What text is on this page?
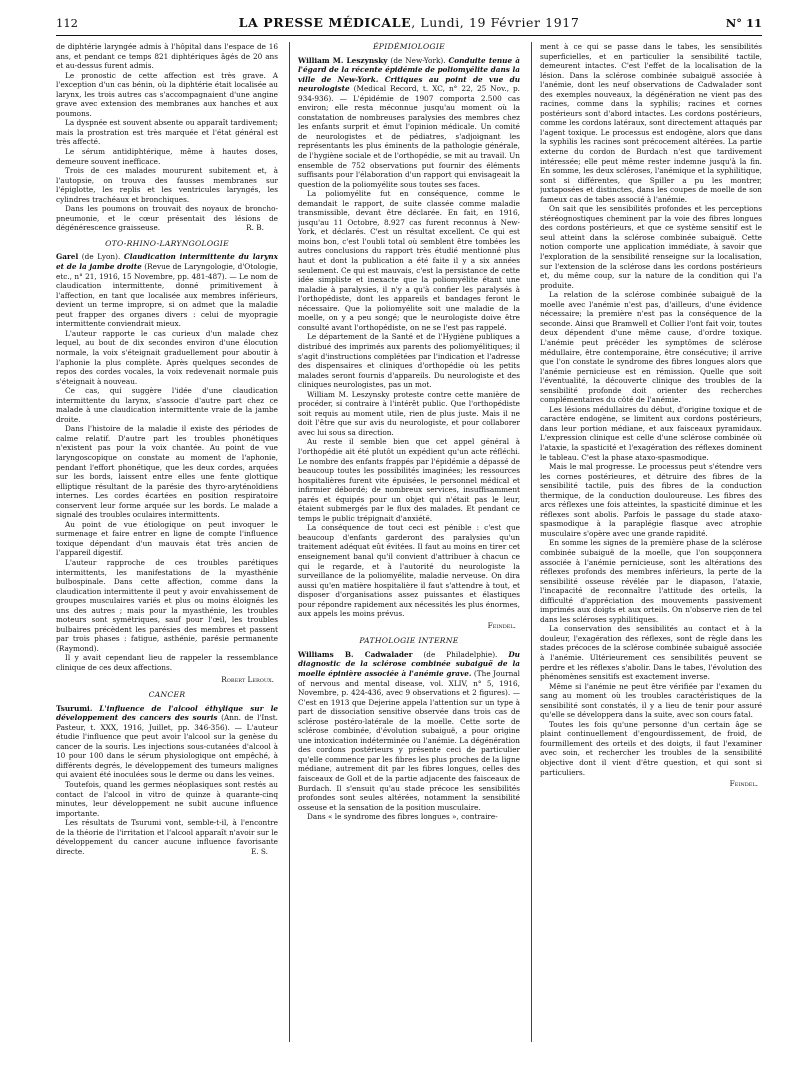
112	LA PRESSE MÉDICALE, Lundi, 19 Février 1917	N° 11

de diphtérie laryngée admis à l'hôpital dans l'espace de 16 ans, et pendant ce temps 821 diphtériques âgés de 20 ans et au-dessus furent admis.

Le pronostic de cette affection est très grave. A l'exception d'un cas bénin, où la diphtérie était localisée au larynx, les trois autres cas s'accompagnaient d'une angine grave avec extension des membranes aux hanches et aux poumons.

La dyspnée est souvent absente ou apparaît tardivement; mais la prostration est très marquée et l'état général est très affecté.

Le sérum antidiphtérique, même à hautes doses, demeure souvent inefficace.

Trois de ces malades moururent subitement et, à l'autopsie, on trouva des fausses membranes sur l'épiglotte, les replis et les ventricules laryngés, les cylindres trachéaux et bronchiques.

Dans les poumons on trouvait des noyaux de broncho-pneumonie, et le cœur présentait des lésions de dégénérescence graisseuse.	R. B.

OTO-RHINO-LARYNGOLOGIE

Garel (de Lyon). Claudication intermittente du larynx et de la jambe droite (Revue de Laryngologie, d'Otologie, etc., n° 21, 1916, 15 Novembre, pp. 481-487). — Le nom de claudication intermittente, donné primitivement à l'affection, en tant que localisée aux membres inférieurs, devient un terme impropre, si on admet que la maladie peut frapper des organes divers : celui de myopragie intermittente conviendrait mieux.

L'auteur rapporte le cas curieux d'un malade chez lequel, au bout de dix secondes environ d'une élocution normale, la voix s'éteignait graduellement pour aboutir à l'aphonie la plus complète. Après quelques secondes de repos des cordes vocales, la voix redevenait normale puis s'éteignait à nouveau.

Ce cas, qui suggère l'idée d'une claudication intermittente du larynx, s'associe d'autre part chez ce malade à une claudication intermittente vraie de la jambe droite.

Dans l'histoire de la maladie il existe des périodes de calme relatif. D'autre part les troubles phonétiques n'existent pas pour la voix chantée. Au point de vue laryngoscopique on constate au moment de l'aphonie, pendant l'effort phonétique, que les deux cordes, arquées sur les bords, laissent entre elles une fente glottique elliptique résultant de la parésie des thyro-aryténoïdiens internes. Les cordes écartées en position respiratoire conservent leur forme arquée sur les bords. Le malade a signalé des troubles oculaires intermittents.

Au point de vue étiologique on peut invoquer le surmenage et faire entrer en ligne de compte l'influence toxique dépendant d'un mauvais état très ancien de l'appareil digestif.

L'auteur rapproche de ces troubles parétiques intermittents, les manifestations de la myasthénie bulbospinale. Dans cette affection, comme dans la claudication intermittente il peut y avoir envahissement de groupes musculaires variés et plus ou moins éloignés les uns des autres ; mais pour la myasthénie, les troubles moteurs sont symétriques, sauf pour l'œil, les troubles bulbaires précèdent les parésies des membres et passent par trois phases : fatigue, asthénie, parésie permanente (Raymond).

Il y avait cependant lieu de rappeler la ressemblance clinique de ces deux affections.

Robert Leroux.

CANCER

Tsurumi. L'influence de l'alcool éthylique sur le développement des cancers des souris (Ann. de l'Inst. Pasteur, t. XXX, 1916, Juillet, pp. 346-356). — L'auteur étudie l'influence que peut avoir l'alcool sur la genèse du cancer de la souris. Les injections sous-cutanées d'alcool à 10 pour 100 dans le sérum physiologique ont empêché, à différents degrés, le développement des tumeurs malignes qui avaient été inoculées sous le derme ou dans les veines.

Toutefois, quand les germes néoplasiques sont restés au contact de l'alcool in vitro de quinze à quarante-cinq minutes, leur développement ne subit aucune influence importante.

Les résultats de Tsurumi vont, semble-t-il, à l'encontre de la théorie de l'irritation et l'alcool apparaît n'avoir sur le développement du cancer aucune influence favorisante directe.	E. S.

ÉPIDÉMIOLOGIE

William M. Leszynsky (de New-York). Conduite tenue à l'égard de la récente épidémie de poliomyélite dans la ville de New-York. Critiques au point de vue du neurologiste (Medical Record, t. XC, n° 22, 25 Nov., p. 934-936). — L'épidémie de 1907 comporta 2.500 cas environ; elle resta méconnue jusqu'au moment où la constatation de nombreuses paralysies des membres chez les enfants surprit et émut l'opinion médicale. Un comité de neurologistes et de pédiatres, s'adjoignant les représentants les plus éminents de la pathologie générale, de l'hygiène sociale et de l'orthopédie, se mit au travail. Un ensemble de 752 observations put fournir des éléments suffisants pour l'élaboration d'un rapport qui envisageait la question de la poliomyélite sous toutes ses faces.

La poliomyélite fut en conséquence, comme le demandait le rapport, de suite classée comme maladie transmissible, devant être déclarée. En fait, en 1916, jusqu'au 11 Octobre, 8.927 cas furent reconnus à New-York, et déclarés. C'est un résultat excellent. Ce qui est moins bon, c'est l'oubli total où semblent être tombées les autres conclusions du rapport très étudié mentionné plus haut et dont la publication a été faite il y a six années seulement. Ce qui est mauvais, c'est la persistance de cette idée simpliste et inexacte que la poliomyélite étant une maladie à paralysies, il n'y a qu'à confier les paralysés à l'orthopédiste, dont les appareils et bandages feront le nécessaire. Que la poliomyélite soit une maladie de la moelle, on y a peu songé; que le neurologiste doive être consulté avant l'orthopédiste, on ne se l'est pas rappelé.

Le département de la Santé et de l'Hygiène publiques a distribué des imprimés aux parents des poliomyélitiques; il s'agit d'instructions complétées par l'indication et l'adresse des dispensaires et cliniques d'orthopédie où les petits malades seront fournis d'appareils. Du neurologiste et des cliniques neurologistes, pas un mot.

William M. Leszynsky proteste contre cette manière de procéder, si contraire à l'intérêt public. Que l'orthopédiste soit requis au moment utile, rien de plus juste. Mais il ne doit l'être que sur avis du neurologiste, et pour collaborer avec lui sous sa direction.

Au reste il semble bien que cet appel général à l'orthopédie ait été plutôt un expédient qu'un acte réfléchi. Le nombre des enfants frappés par l'épidémie a dépassé de beaucoup toutes les possibilités imaginées; les ressources hospitalières furent vite épuisées, le personnel médical et infirmier débordé; de nombreux services, insuffisamment parés et équipés pour un objet qui n'était pas le leur, étaient submergés par le flux des malades. Et pendant ce temps le public trépignait d'anxiété.

La conséquence de tout ceci est pénible : c'est que beaucoup d'enfants garderont des paralysies qu'un traitement adéquat eût évitées. Il faut au moins en tirer cet enseignement banal qu'il convient d'attribuer à chacun ce qui le regarde, et à l'autorité du neurologiste la surveillance de la poliomyélite, maladie nerveuse. On dira aussi qu'en matière hospitalière il faut s'attendre à tout, et disposer d'organisations assez puissantes et élastiques pour répondre rapidement aux nécessités les plus énormes, aux appels les moins prévus.

Feindel.

PATHOLOGIE INTERNE

Williams B. Cadwalader (de Philadelphie). Du diagnostic de la sclérose combinée subaiguë de la moelle épinière associée à l'anémie grave. (The Journal of nervous and mental disease, vol. XLIV, n° 5, 1916, Novembre, p. 424-436, avec 9 observations et 2 figures). — C'est en 1913 que Dejerine appela l'attention sur un type à part de dissociation sensitive observée dans trois cas de sclérose postéro-latérale de la moelle. Cette sorte de sclérose combinée, d'évolution subaiguë, a pour origine une intoxication indéterminée ou l'anémie. La dégénération des cordons postérieurs y présente ceci de particulier qu'elle commence par les fibres les plus proches de la ligne médiane, autrement dit par les fibres longues, celles des faisceaux de Goll et de la partie adjacente des faisceaux de Burdach. Il s'ensuit qu'au stade précoce les sensibilités profondes sont seules altérées, notamment la sensibilité osseuse et la sensation de la position musculaire.

Dans « le syndrome des fibres longues », contraire-

ment à ce qui se passe dans le tabes, les sensibilités superficielles, et en particulier la sensibilité tactile, demeurent intactes. C'est l'effet de la localisation de la lésion. Dans la sclérose combinée subaiguë associée à l'anémie, dont les neuf observations de Cadwalader sont des exemples nouveaux, la dégénération ne vient pas des racines, comme dans la syphilis; racines et cornes postérieurs sont d'abord intactes. Les cordons postérieurs, comme les cordons latéraux, sont directement attaqués par l'agent toxique. Le processus est endogène, alors que dans la syphilis les racines sont précocement altérées. La partie externe du cordon de Burdach n'est que tardivement intéressée; elle peut même rester indemne jusqu'à la fin. En somme, les deux scléroses, l'anémique et la syphilitique, sont si différentes, que Spiller a pu les montrer, juxtaposées et distinctes, dans les coupes de moelle de son fameux cas de tabes associé à l'anémie.

On sait que les sensibilités profondes et les perceptions stéréognostiques cheminent par la voie des fibres longues des cordons postérieurs, et que ce système sensitif est le seul atteint dans la sclérose combinée subaiguë. Cette notion comporte une application immédiate, à savoir que l'exploration de la sensibilité renseigne sur la localisation, sur l'extension de la sclérose dans les cordons postérieurs et, du même coup, sur la nature de la condition qui l'a produite.

La relation de la sclérose combinée subaiguë de la moelle avec l'anémie n'est pas, d'ailleurs, d'une évidence nécessaire; la première n'est pas la conséquence de la seconde. Ainsi que Bramwell et Collier l'ont fait voir, toutes deux dépendent d'une même cause, d'ordre toxique. L'anémie peut précéder les symptômes de sclérose médullaire, être contemporaine, être consécutive; il arrive que l'on constate le syndrome des fibres longues alors que l'anémie pernicieuse est en rémission. Quelle que soit l'éventualité, la découverte clinique des troubles de la sensibilité profonde doit orienter des recherches complémentaires du côté de l'anémie.

Les lésions médullaires du début, d'origine toxique et de caractère endogène, se limitent aux cordons postérieurs, dans leur portion médiane, et aux faisceaux pyramidaux. L'expression clinique est celle d'une sclérose combinée où l'ataxie, la spasticité et l'exagération des réflexes dominent le tableau. C'est la phase ataxo-spasmodique.

Mais le mal progresse. Le processus peut s'étendre vers les cornes postérieures, et détruire des fibres de la sensibilité tactile, puis des fibres de la conduction thermique, de la conduction douloureuse. Les fibres des arcs réflexes une fois atteintes, la spasticité diminue et les réflexes sont abolis. Parfois le passage du stade ataxo-spasmodique à la paraplégie flasque avec atrophie musculaire s'opère avec une grande rapidité.

En somme les signes de la première phase de la sclérose combinée subaiguë de la moelle, que l'on soupçonnera associée à l'anémie pernicieuse, sont les altérations des réflexes profonds des membres inférieurs, la perte de la sensibilité osseuse révélée par le diapason, l'ataxie, l'incapacité de reconnaître l'attitude des orteils, la difficulté d'appréciation des mouvements passivement imprimés aux doigts et aux orteils. On n'observe rien de tel dans les scléroses syphilitiques.

La conservation des sensibilités au contact et à la douleur, l'exagération des réflexes, sont de règle dans les stades précoces de la sclérose combinée subaiguë associée à l'anémie. Ultérieurement ces sensibilités peuvent se perdre et les réflexes s'abolir. Dans le tabes, l'évolution des phénomènes sensitifs est exactement inverse.

Même si l'anémie ne peut être vérifiée par l'examen du sang au moment où les troubles caractéristiques de la sensibilité sont constatés, il y a lieu de tenir pour assuré qu'elle se développera dans la suite, avec son cours fatal.

Toutes les fois qu'une personne d'un certain âge se plaint continuellement d'engourdissement, de froid, de fourmillement des orteils et des doigts, il faut l'examiner avec soin, et rechercher les troubles de la sensibilité objective dont il vient d'être question, et qui sont si particuliers.

Feindel.
